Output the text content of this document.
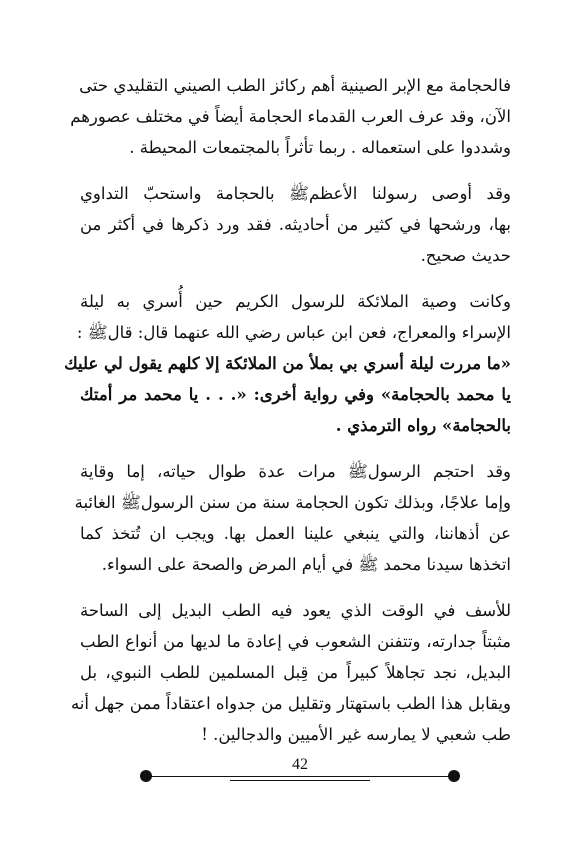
فالحجامة مع الإبر الصينية أهم ركائز الطب الصيني التقليدي حتى
الآن، وقد عرف العرب القدماء الحجامة أيضاً في مختلف عصورهم
وشددوا على استعماله . ربما تأثراً بالمجتمعات المحيطة .

وقد أوصى رسولنا الأعظمﷺ بالحجامة واستحبّ التداوي
بها، ورشحها في كثير من أحاديثه. فقد ورد ذكرها في أكثر من
حديث صحيح.

وكانت وصية الملائكة للرسول الكريم حين أُسري به ليلة
الإسراء والمعراج، فعن ابن عباس رضي الله عنهما قال: قالﷺ :
«ما مررت ليلة أسري بي بملأ من الملائكة إلا كلهم يقول لي عليك
يا محمد بالحجامة» وفي رواية أخرى: «. . . يا محمد مر أمتك
بالحجامة» رواه الترمذي .

وقد احتجم الرسولﷺ مرات عدة طوال حياته، إما وقاية
وإما علاجًا، وبذلك تكون الحجامة سنة من سنن الرسولﷺ الغائبة
عن أذهاننا، والتي ينبغي علينا العمل بها. ويجب ان تُتخذ كما
اتخذها سيدنا محمد ﷺ في أيام المرض والصحة على السواء.

للأسف في الوقت الذي يعود فيه الطب البديل إلى الساحة
مثبتاً جدارته، وتتفنن الشعوب في إعادة ما لديها من أنواع الطب
البديل، نجد تجاهلاً كبيراً من قِبل المسلمين للطب النبوي، بل
ويقابل هذا الطب باستهتار وتقليل من جدواه اعتقاداً ممن جهل أنه
طب شعبي لا يمارسه غير الأميين والدجالين. !

42
